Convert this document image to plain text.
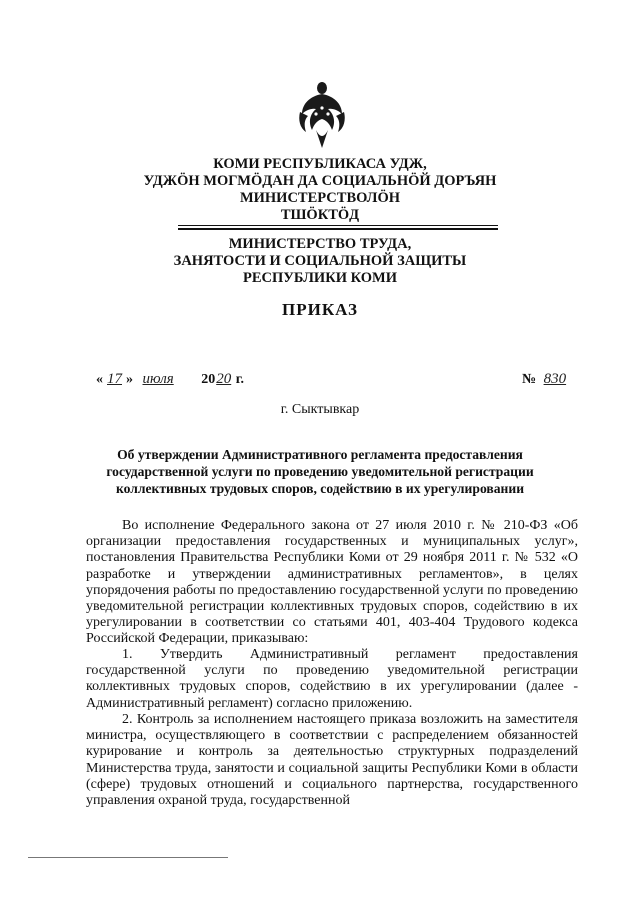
КОМИ РЕСПУБЛИКАСА УДЖ,
УДЖӦН МОГМӦДАН ДА СОЦИАЛЬНӦЙ ДОРЪЯН
МИНИСТЕРСТВОЛӦН
ТШӦКТӦД
МИНИСТЕРСТВО ТРУДА,
ЗАНЯТОСТИ И СОЦИАЛЬНОЙ ЗАЩИТЫ
РЕСПУБЛИКИ КОМИ
ПРИКАЗ
« 17 » июля 2020 г.	№ 830
г. Сыктывкар
Об утверждении Административного регламента предоставления
государственной услуги по проведению уведомительной регистрации
коллективных трудовых споров, содействию в их урегулировании
Во исполнение Федерального закона от 27 июля 2010 г. № 210-ФЗ «Об организации предоставления государственных и муниципальных услуг», постановления Правительства Республики Коми от 29 ноября 2011 г. № 532 «О разработке и утверждении административных регламентов», в целях упорядочения работы по предоставлению государственной услуги по проведению уведомительной регистрации коллективных трудовых споров, содействию в их урегулировании в соответствии со статьями 401, 403-404 Трудового кодекса Российской Федерации, приказываю:
1. Утвердить Административный регламент предоставления государственной услуги по проведению уведомительной регистрации коллективных трудовых споров, содействию в их урегулировании (далее - Административный регламент) согласно приложению.
2. Контроль за исполнением настоящего приказа возложить на заместителя министра, осуществляющего в соответствии с распределением обязанностей курирование и контроль за деятельностью структурных подразделений Министерства труда, занятости и социальной защиты Республики Коми в области (сфере) трудовых отношений и социального партнерства, государственного управления охраной труда, государственной
